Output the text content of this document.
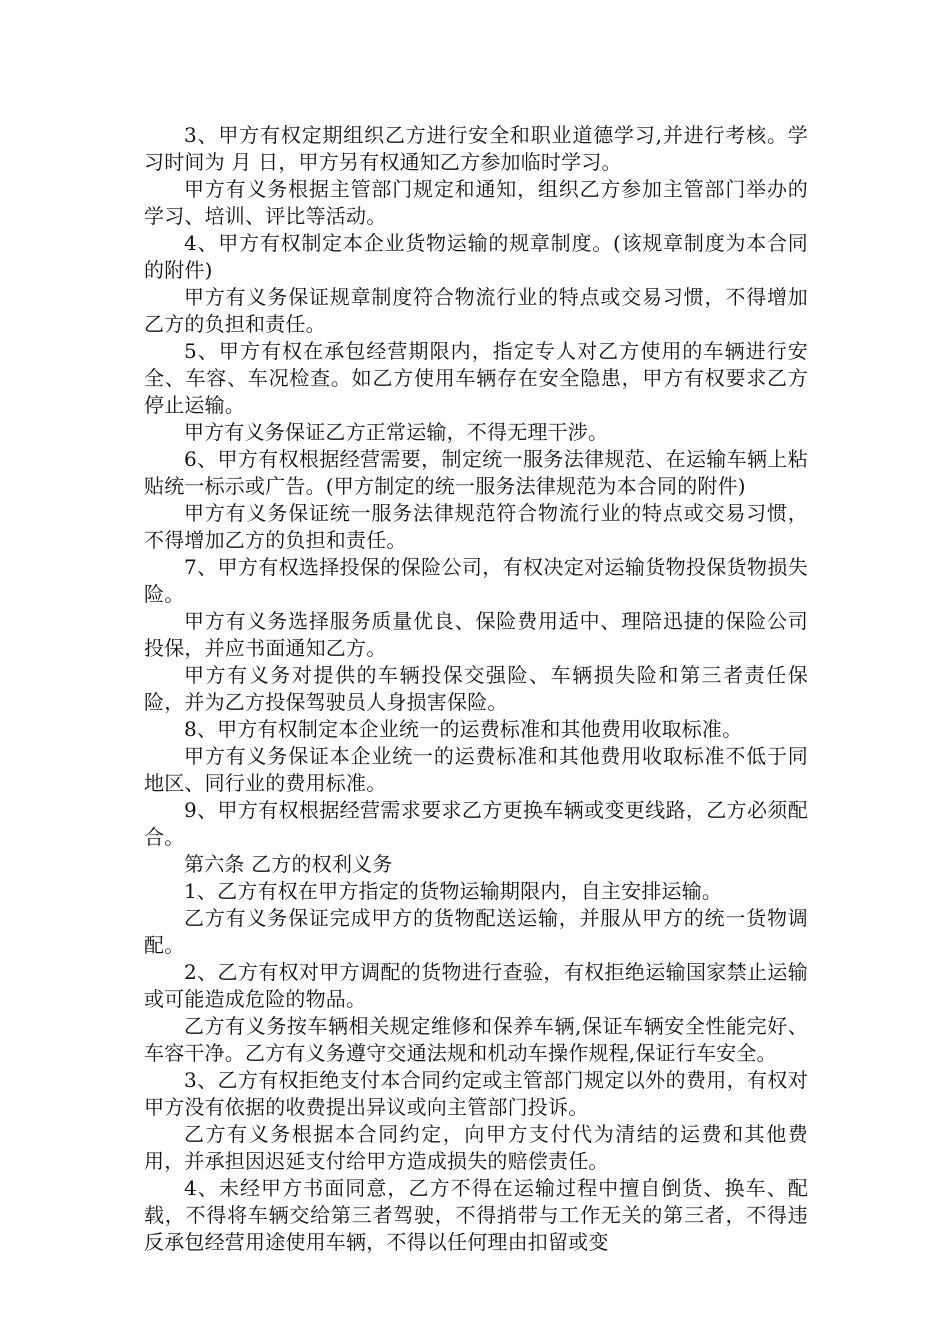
3、甲方有权定期组织乙方进行安全和职业道德学习,并进行考核。学习时间为 月 日，甲方另有权通知乙方参加临时学习。

甲方有义务根据主管部门规定和通知，组织乙方参加主管部门举办的学习、培训、评比等活动。

4、甲方有权制定本企业货物运输的规章制度。(该规章制度为本合同的附件)

甲方有义务保证规章制度符合物流行业的特点或交易习惯，不得增加乙方的负担和责任。

5、甲方有权在承包经营期限内，指定专人对乙方使用的车辆进行安全、车容、车况检查。如乙方使用车辆存在安全隐患，甲方有权要求乙方停止运输。

甲方有义务保证乙方正常运输，不得无理干涉。

6、甲方有权根据经营需要，制定统一服务法律规范、在运输车辆上粘贴统一标示或广告。(甲方制定的统一服务法律规范为本合同的附件)

甲方有义务保证统一服务法律规范符合物流行业的特点或交易习惯，不得增加乙方的负担和责任。

7、甲方有权选择投保的保险公司，有权决定对运输货物投保货物损失险。

甲方有义务选择服务质量优良、保险费用适中、理陪迅捷的保险公司投保，并应书面通知乙方。

甲方有义务对提供的车辆投保交强险、车辆损失险和第三者责任保险，并为乙方投保驾驶员人身损害保险。

8、甲方有权制定本企业统一的运费标准和其他费用收取标准。

甲方有义务保证本企业统一的运费标准和其他费用收取标准不低于同地区、同行业的费用标准。

9、甲方有权根据经营需求要求乙方更换车辆或变更线路，乙方必须配合。

第六条 乙方的权利义务

1、乙方有权在甲方指定的货物运输期限内，自主安排运输。

乙方有义务保证完成甲方的货物配送运输，并服从甲方的统一货物调配。

2、乙方有权对甲方调配的货物进行查验，有权拒绝运输国家禁止运输或可能造成危险的物品。

乙方有义务按车辆相关规定维修和保养车辆,保证车辆安全性能完好、车容干净。乙方有义务遵守交通法规和机动车操作规程,保证行车安全。

3、乙方有权拒绝支付本合同约定或主管部门规定以外的费用，有权对甲方没有依据的收费提出异议或向主管部门投诉。

乙方有义务根据本合同约定，向甲方支付代为清结的运费和其他费用，并承担因迟延支付给甲方造成损失的赔偿责任。

4、未经甲方书面同意，乙方不得在运输过程中擅自倒货、换车、配载，不得将车辆交给第三者驾驶，不得捎带与工作无关的第三者，不得违反承包经营用途使用车辆，不得以任何理由扣留或变
